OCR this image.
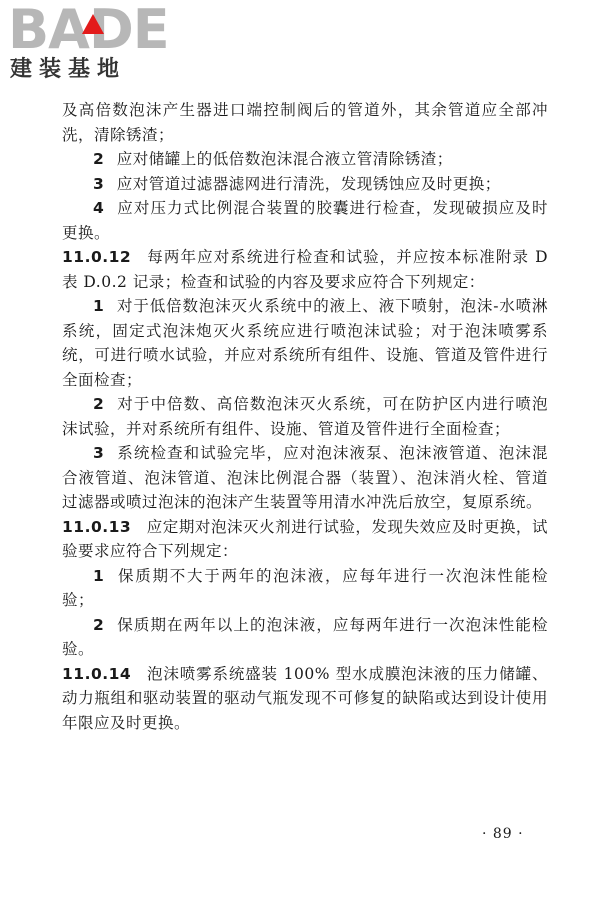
BADE
建装基地

及高倍数泡沫产生器进口端控制阀后的管道外，其余管道应全部冲洗，清除锈渣；

2 应对储罐上的低倍数泡沫混合液立管清除锈渣；

3 应对管道过滤器滤网进行清洗，发现锈蚀应及时更换；

4 应对压力式比例混合装置的胶囊进行检查，发现破损应及时更换。

11.0.12 每两年应对系统进行检查和试验，并应按本标准附录 D 表 D.0.2 记录；检查和试验的内容及要求应符合下列规定：

1 对于低倍数泡沫灭火系统中的液上、液下喷射，泡沫-水喷淋系统，固定式泡沫炮灭火系统应进行喷泡沫试验；对于泡沫喷雾系统，可进行喷水试验，并应对系统所有组件、设施、管道及管件进行全面检查；

2 对于中倍数、高倍数泡沫灭火系统，可在防护区内进行喷泡沫试验，并对系统所有组件、设施、管道及管件进行全面检查；

3 系统检查和试验完毕，应对泡沫液泵、泡沫液管道、泡沫混合液管道、泡沫管道、泡沫比例混合器（装置）、泡沫消火栓、管道过滤器或喷过泡沫的泡沫产生装置等用清水冲洗后放空，复原系统。

11.0.13 应定期对泡沫灭火剂进行试验，发现失效应及时更换，试验要求应符合下列规定：

1 保质期不大于两年的泡沫液，应每年进行一次泡沫性能检验；

2 保质期在两年以上的泡沫液，应每两年进行一次泡沫性能检验。

11.0.14 泡沫喷雾系统盛装 100% 型水成膜泡沫液的压力储罐、动力瓶组和驱动装置的驱动气瓶发现不可修复的缺陷或达到设计使用年限应及时更换。

· 89 ·
